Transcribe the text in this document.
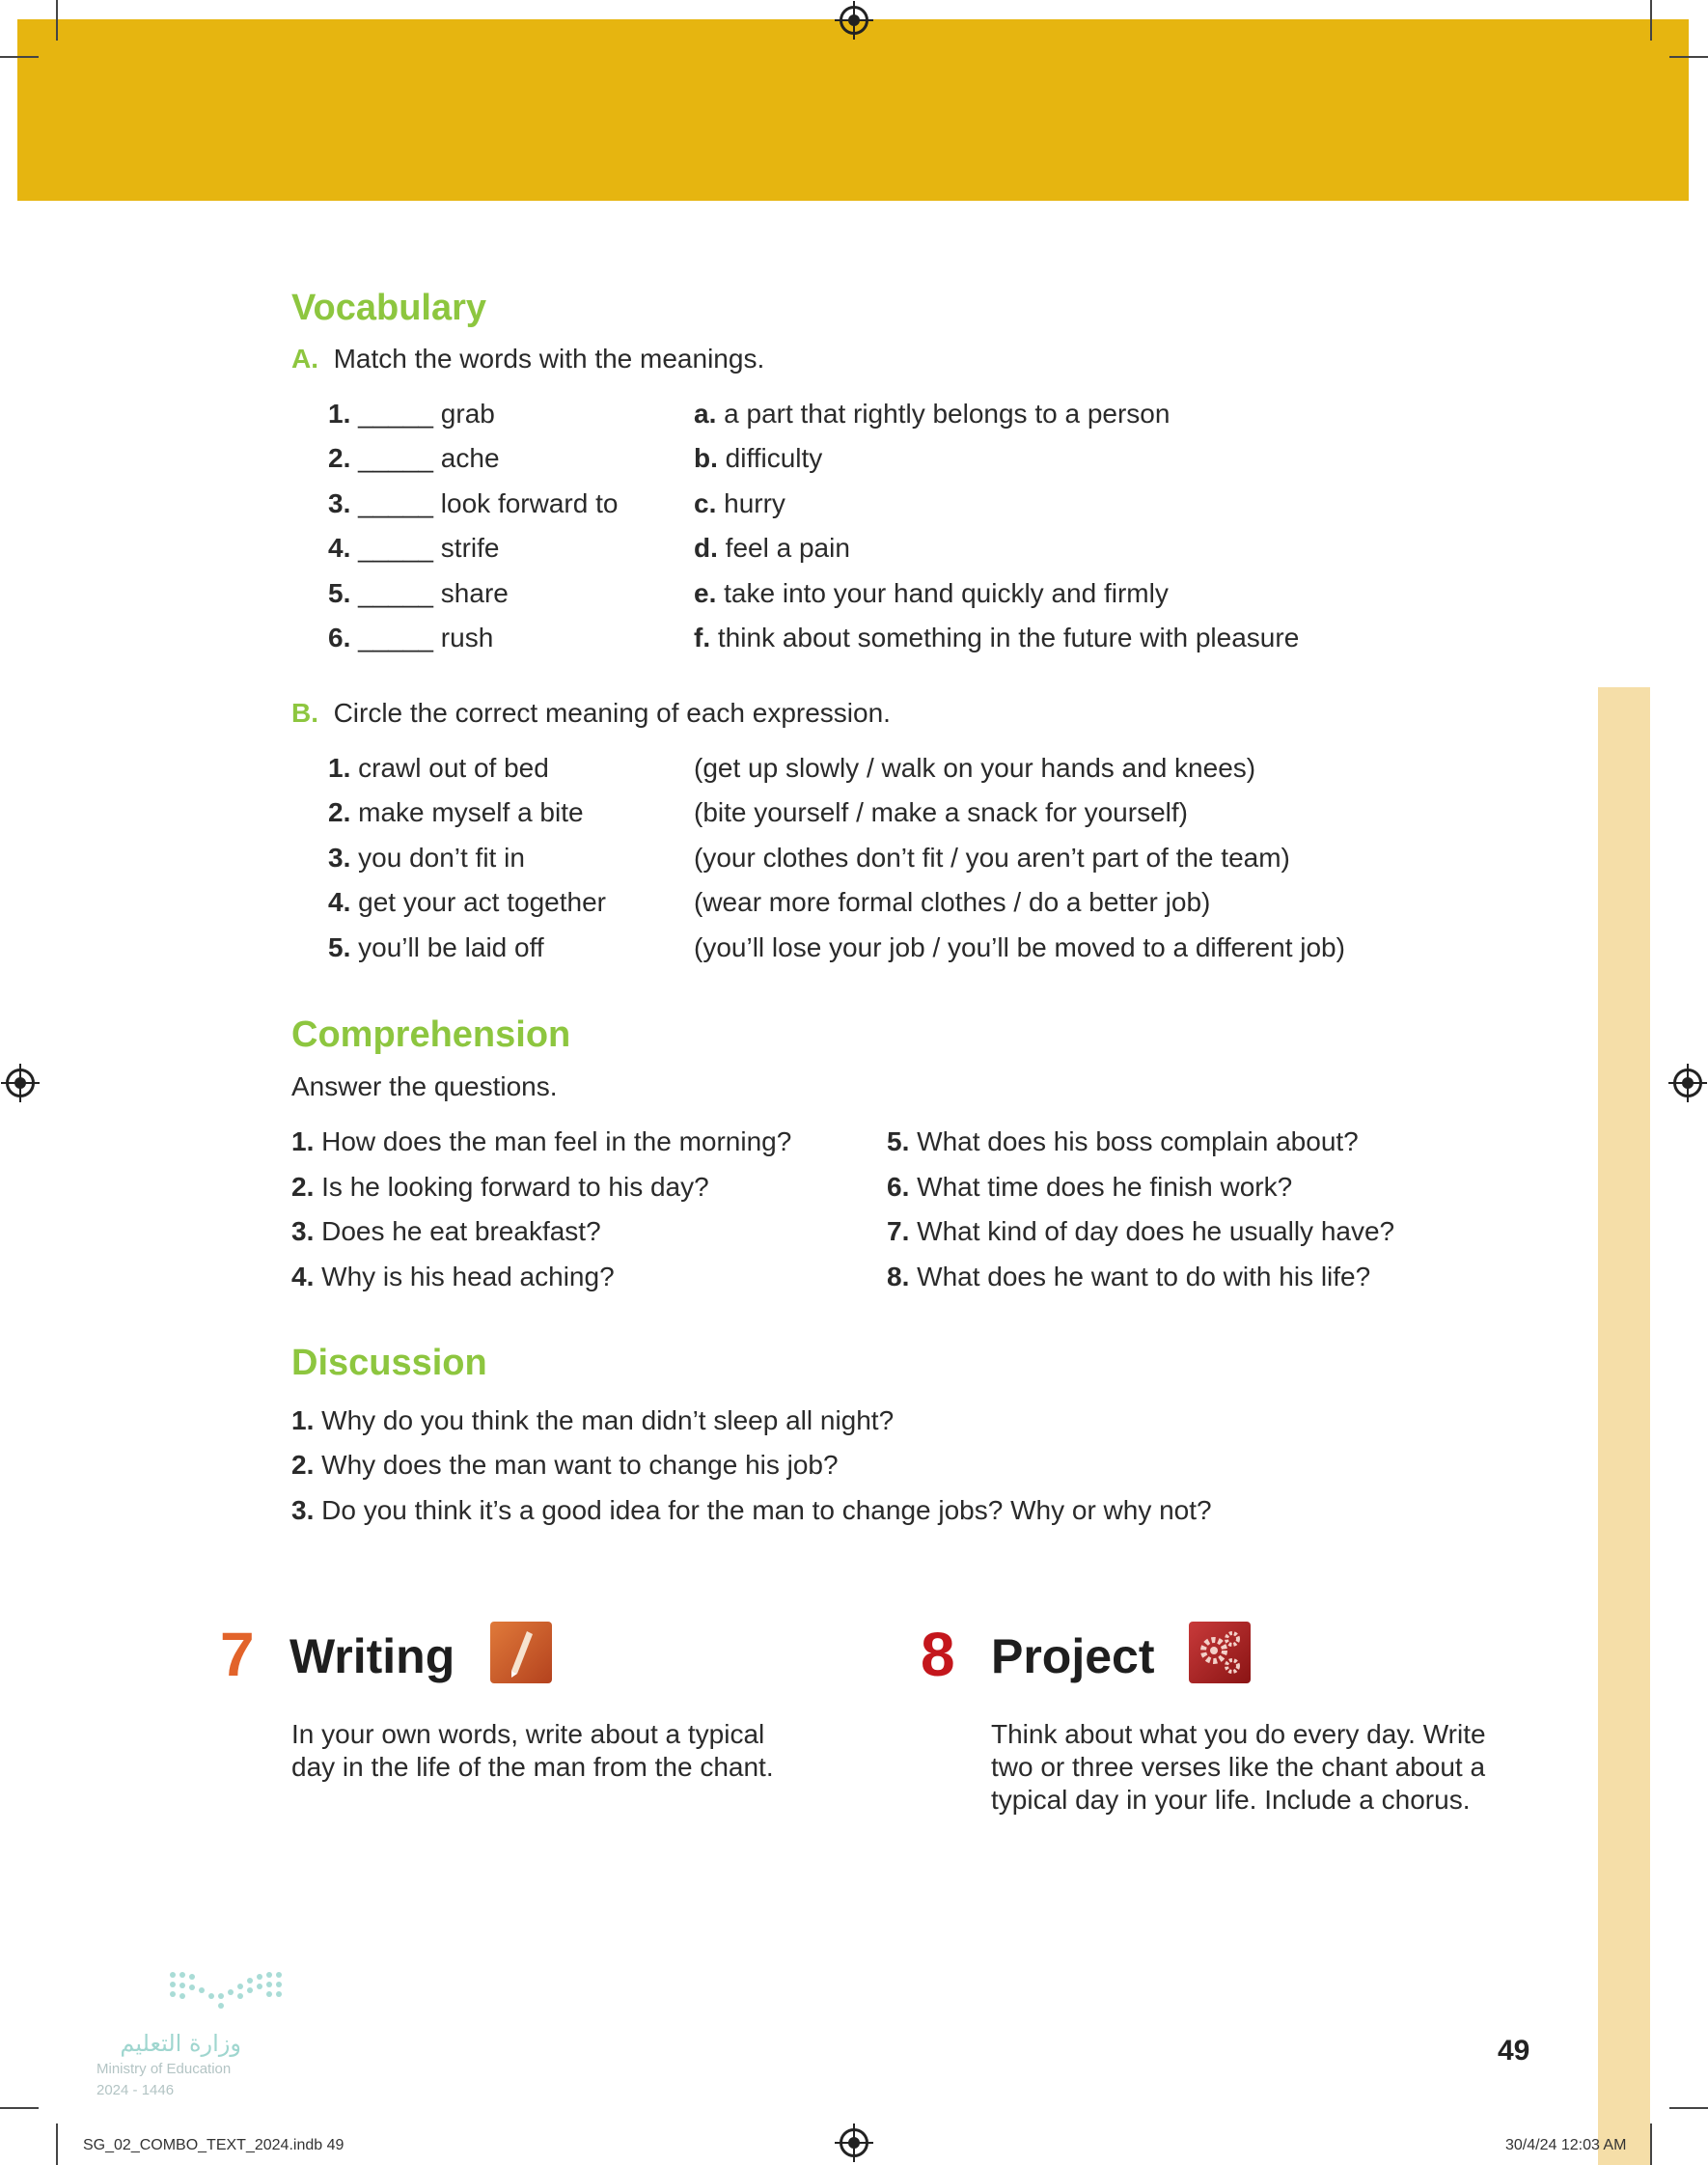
Vocabulary
A. Match the words with the meanings.
1. _____ grab
2. _____ ache
3. _____ look forward to
4. _____ strife
5. _____ share
6. _____ rush
a. a part that rightly belongs to a person
b. difficulty
c. hurry
d. feel a pain
e. take into your hand quickly and firmly
f. think about something in the future with pleasure
B. Circle the correct meaning of each expression.
1. crawl out of bed
2. make myself a bite
3. you don’t fit in
4. get your act together
5. you’ll be laid off
(get up slowly / walk on your hands and knees)
(bite yourself / make a snack for yourself)
(your clothes don’t fit / you aren’t part of the team)
(wear more formal clothes / do a better job)
(you’ll lose your job / you’ll be moved to a different job)
Comprehension
Answer the questions.
1. How does the man feel in the morning?
2. Is he looking forward to his day?
3. Does he eat breakfast?
4. Why is his head aching?
5. What does his boss complain about?
6. What time does he finish work?
7. What kind of day does he usually have?
8. What does he want to do with his life?
Discussion
1. Why do you think the man didn’t sleep all night?
2. Why does the man want to change his job?
3. Do you think it’s a good idea for the man to change jobs? Why or why not?
7 Writing
In your own words, write about a typical
day in the life of the man from the chant.
8 Project
Think about what you do every day. Write
two or three verses like the chant about a
typical day in your life. Include a chorus.
وزارة التعليم
Ministry of Education
2024 - 1446
49
SG_02_COMBO_TEXT_2024.indb 49	30/4/24 12:03 AM
